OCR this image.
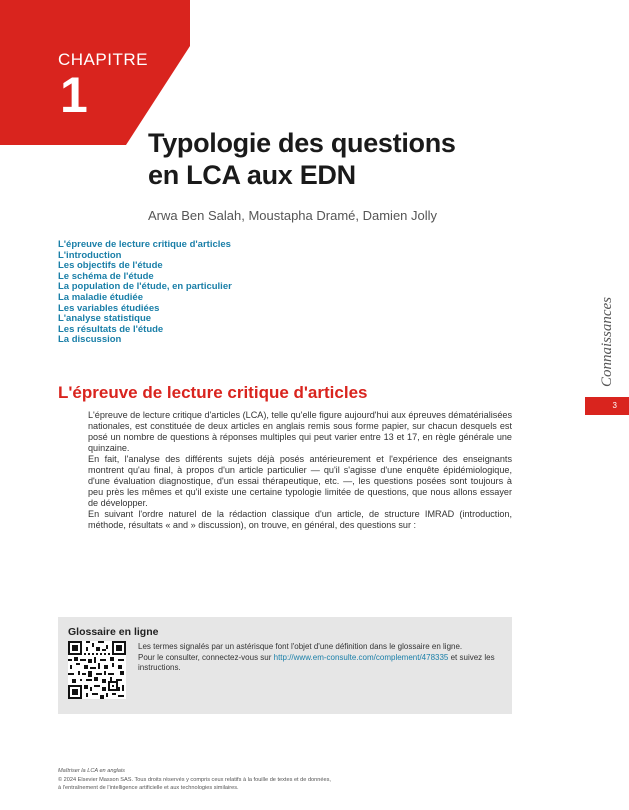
CHAPITRE
1
Typologie des questions
en LCA aux EDN
Arwa Ben Salah, Moustapha Dramé, Damien Jolly
L'épreuve de lecture critique d'articles
L'introduction
Les objectifs de l'étude
Le schéma de l'étude
La population de l'étude, en particulier
La maladie étudiée
Les variables étudiées
L'analyse statistique
Les résultats de l'étude
La discussion	Connaissances
3
L'épreuve de lecture critique d'articles

L'épreuve de lecture critique d'articles (LCA), telle qu'elle figure aujourd'hui aux épreuves dématérialisées nationales, est constituée de deux articles en anglais remis sous forme papier, sur chacun desquels est posé un nombre de questions à réponses multiples qui peut varier entre 13 et 17, en règle générale une quinzaine.

En fait, l'analyse des différents sujets déjà posés antérieurement et l'expérience des enseignants montrent qu'au final, à propos d'un article particulier — qu'il s'agisse d'une enquête épidémiologique, d'une évaluation diagnostique, d'un essai thérapeutique, etc. —, les questions posées sont toujours à peu près les mêmes et qu'il existe une certaine typologie limitée de questions, que nous allons essayer de développer.

En suivant l'ordre naturel de la rédaction classique d'un article, de structure IMRAD (introduction, méthode, résultats « and » discussion), on trouve, en général, des questions sur :

Glossaire en ligne
Les termes signalés par un astérisque font l'objet d'une définition dans le glossaire en ligne.
Pour le consulter, connectez-vous sur http://www.em-consulte.com/complement/478335 et suivez les instructions.
Maîtriser la LCA en anglais
© 2024 Elsevier Masson SAS. Tous droits réservés y compris ceux relatifs à la fouille de textes et de données,
à l'entraînement de l'intelligence artificielle et aux technologies similaires.
